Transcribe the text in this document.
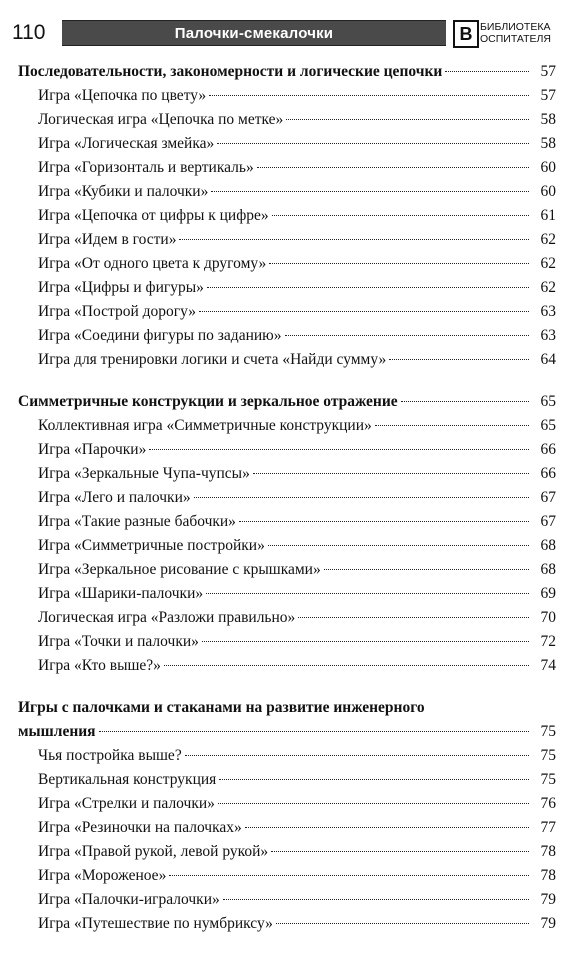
110	Палочки-смекалочки	В БИБЛИОТЕКА
ОСПИТАТЕЛЯ
Последовательности, закономерности и логические цепочки	57
Игра «Цепочка по цвету»	57
Логическая игра «Цепочка по метке»	58
Игра «Логическая змейка»	58
Игра «Горизонталь и вертикаль»	60
Игра «Кубики и палочки»	60
Игра «Цепочка от цифры к цифре»	61
Игра «Идем в гости»	62
Игра «От одного цвета к другому»	62
Игра «Цифры и фигуры»	62
Игра «Построй дорогу»	63
Игра «Соедини фигуры по заданию»	63
Игра для тренировки логики и счета «Найди сумму»	64
Симметричные конструкции и зеркальное отражение	65
Коллективная игра «Симметричные конструкции»	65
Игра «Парочки»	66
Игра «Зеркальные Чупа-чупсы»	66
Игра «Лего и палочки»	67
Игра «Такие разные бабочки»	67
Игра «Симметричные постройки»	68
Игра «Зеркальное рисование с крышками»	68
Игра «Шарики-палочки»	69
Логическая игра «Разложи правильно»	70
Игра «Точки и палочки»	72
Игра «Кто выше?»	74
Игры с палочками и стаканами на развитие инженерного
мышления	75
Чья постройка выше?	75
Вертикальная конструкция	75
Игра «Стрелки и палочки»	76
Игра «Резиночки на палочках»	77
Игра «Правой рукой, левой рукой»	78
Игра «Мороженое»	78
Игра «Палочки-игралочки»	79
Игра «Путешествие по нумбриксу»	79
